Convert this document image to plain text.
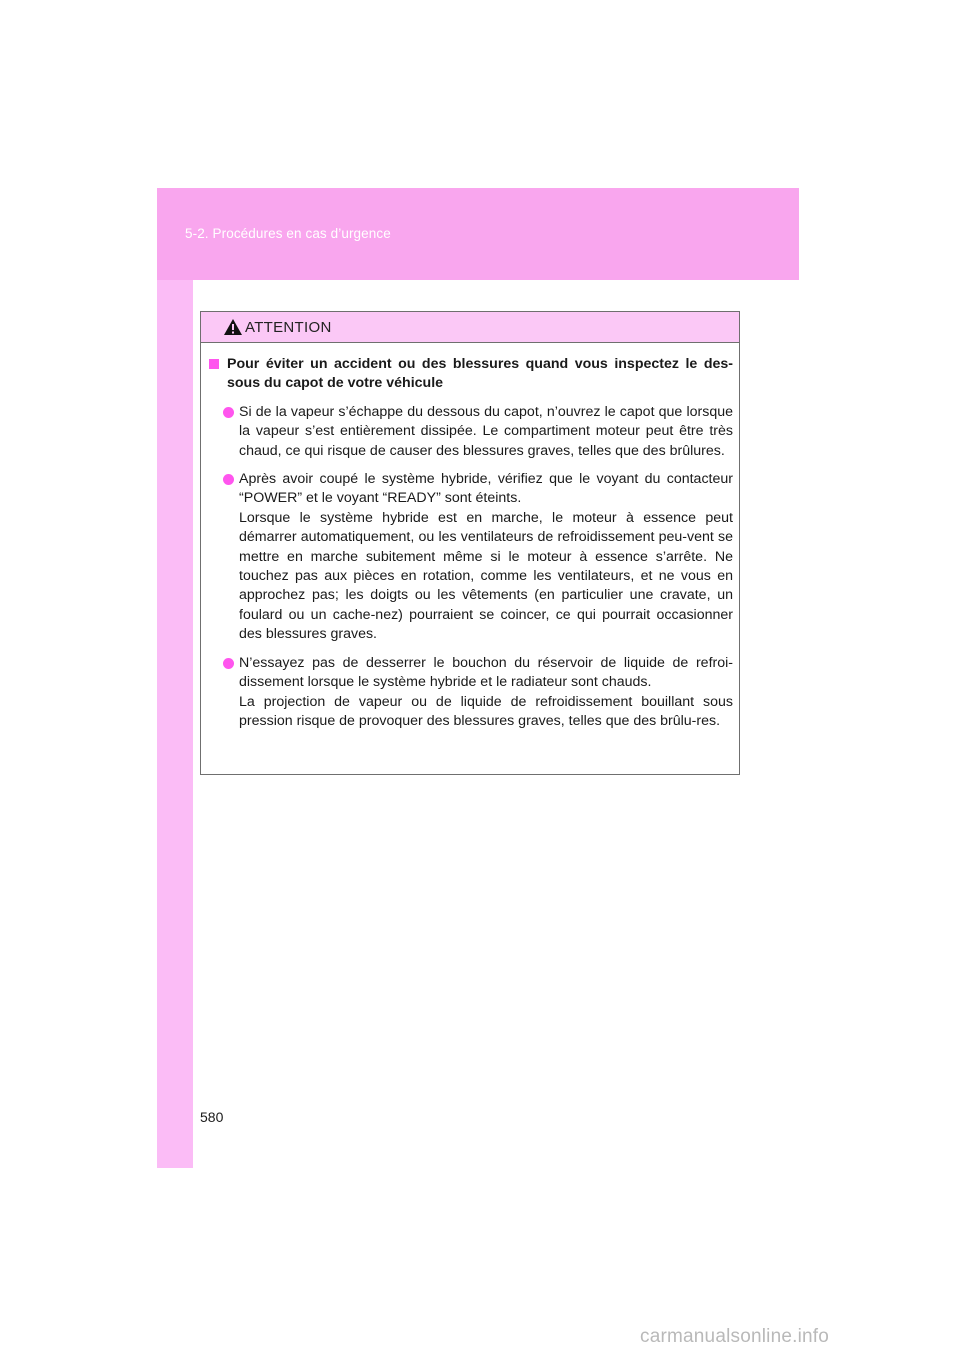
5-2. Procédures en cas d’urgence
ATTENTION
Pour éviter un accident ou des blessures quand vous inspectez le des-sous du capot de votre véhicule

Si de la vapeur s’échappe du dessous du capot, n’ouvrez le capot que lorsque la vapeur s’est entièrement dissipée. Le compartiment moteur peut être très chaud, ce qui risque de causer des blessures graves, telles que des brûlures.

Après avoir coupé le système hybride, vérifiez que le voyant du contacteur “POWER” et le voyant “READY” sont éteints.

Lorsque le système hybride est en marche, le moteur à essence peut démarrer automatiquement, ou les ventilateurs de refroidissement peu-vent se mettre en marche subitement même si le moteur à essence s’arrête. Ne touchez pas aux pièces en rotation, comme les ventilateurs, et ne vous en approchez pas; les doigts ou les vêtements (en particulier une cravate, un foulard ou un cache-nez) pourraient se coincer, ce qui pourrait occasionner des blessures graves.

N’essayez pas de desserrer le bouchon du réservoir de liquide de refroi-dissement lorsque le système hybride et le radiateur sont chauds.

La projection de vapeur ou de liquide de refroidissement bouillant sous pression risque de provoquer des blessures graves, telles que des brûlu-res.

580
carmanualsonline.info
